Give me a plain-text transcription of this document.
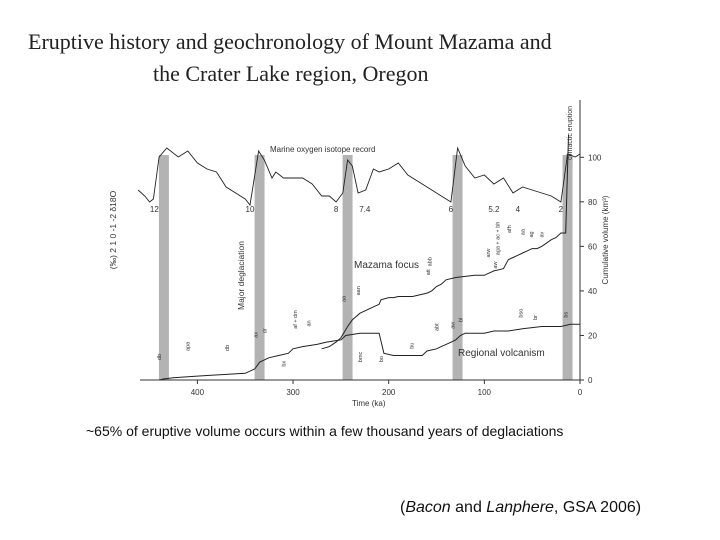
Eruptive history and geochronology of Mount Mazama and
the Crater Lake region, Oregon
400	300	200	100	0
0
20
40
60
80
100
12	10	8	7.4	6	5.2 4	2
db
apa	db
ax
dr
bx
af + dm an
aa
aan
bmc	bo
bu
abt aw
bl
bso br	bs
att
abb
arw
aw
aga + ac + bh afh aa ag av
Time (ka)
(‰) 2 1 0 -1 -2 δ18O	Cumulative volume (km³)
Marine oxygen isotope record
Major deglaciation	Mazama focus
Regional volcanism
climactic eruption
~65% of eruptive volume occurs within a few thousand years of deglaciations
(Bacon and Lanphere, GSA 2006)
